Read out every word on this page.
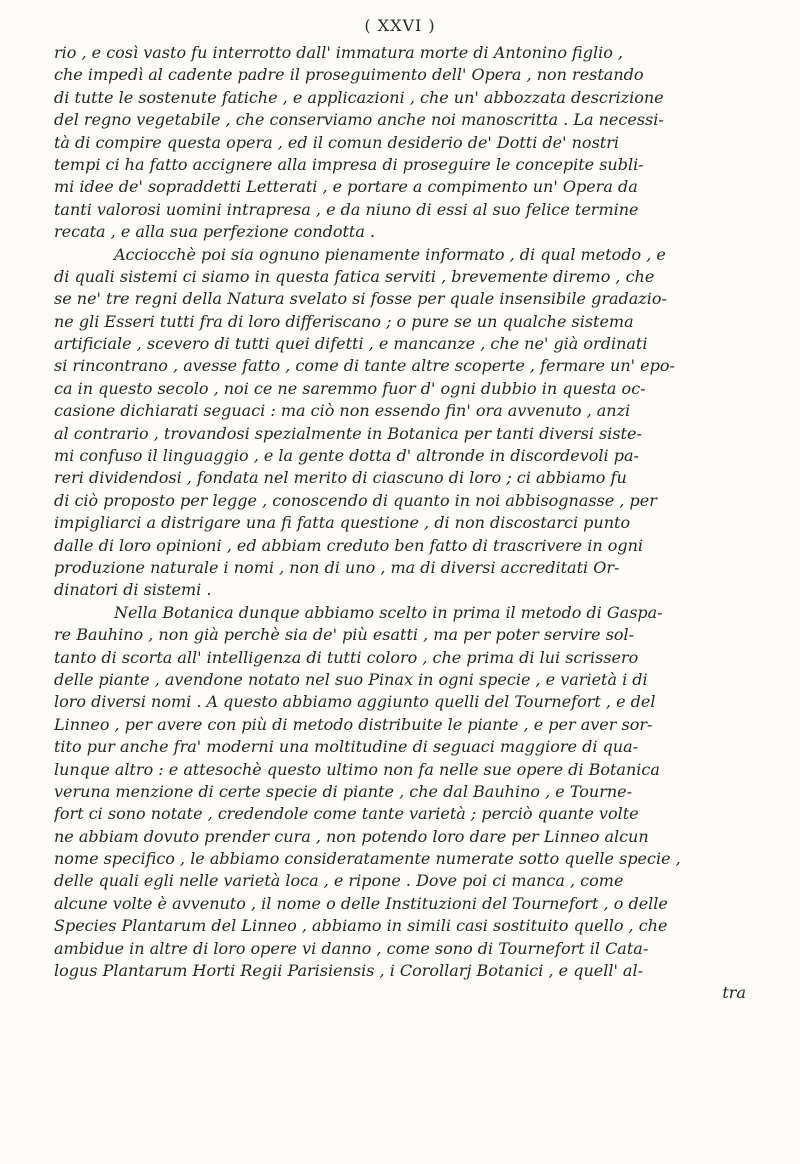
( XXVI )
rio , e così vasto fu interrotto dall' immatura morte di Antonino figlio ,
che impedì al cadente padre il proseguimento dell' Opera , non restando
di tutte le sostenute fatiche , e applicazioni , che un' abbozzata descrizione
del regno vegetabile , che conserviamo anche noi manoscritta . La necessi-
tà di compire questa opera , ed il comun desiderio de' Dotti de' nostri
tempi ci ha fatto accignere alla impresa di proseguire le concepite subli-
mi idee de' sopraddetti Letterati , e portare a compimento un' Opera da
tanti valorosi uomini intrapresa , e da niuno di essi al suo felice termine
recata , e alla sua perfezione condotta .
Acciocchè poi sia ognuno pienamente informato , di qual metodo , e
di quali sistemi ci siamo in questa fatica serviti , brevemente diremo , che
se ne' tre regni della Natura svelato si fosse per quale insensibile gradazio-
ne gli Esseri tutti fra di loro differiscano ; o pure se un qualche sistema
artificiale , scevero di tutti quei difetti , e mancanze , che ne' già ordinati
si rincontrano , avesse fatto , come di tante altre scoperte , fermare un' epo-
ca in questo secolo , noi ce ne saremmo fuor d' ogni dubbio in questa oc-
casione dichiarati seguaci : ma ciò non essendo fin' ora avvenuto , anzi
al contrario , trovandosi spezialmente in Botanica per tanti diversi siste-
mi confuso il linguaggio , e la gente dotta d' altronde in discordevoli pa-
reri dividendosi , fondata nel merito di ciascuno di loro ; ci abbiamo fu
di ciò proposto per legge , conoscendo di quanto in noi abbisognasse , per
impigliarci a distrigare una fi fatta questione , di non discostarci punto
dalle di loro opinioni , ed abbiam creduto ben fatto di trascrivere in ogni
produzione naturale i nomi , non di uno , ma di diversi accreditati Or-
dinatori di sistemi .
Nella Botanica dunque abbiamo scelto in prima il metodo di Gaspa-
re Bauhino , non già perchè sia de' più esatti , ma per poter servire sol-
tanto di scorta all' intelligenza di tutti coloro , che prima di lui scrissero
delle piante , avendone notato nel suo Pinax in ogni specie , e varietà i di
loro diversi nomi . A questo abbiamo aggiunto quelli del Tournefort , e del
Linneo , per avere con più di metodo distribuite le piante , e per aver sor-
tito pur anche fra' moderni una moltitudine di seguaci maggiore di qua-
lunque altro : e attesochè questo ultimo non fa nelle sue opere di Botanica
veruna menzione di certe specie di piante , che dal Bauhino , e Tourne-
fort ci sono notate , credendole come tante varietà ; perciò quante volte
ne abbiam dovuto prender cura , non potendo loro dare per Linneo alcun
nome specifico , le abbiamo consideratamente numerate sotto quelle specie ,
delle quali egli nelle varietà loca , e ripone . Dove poi ci manca , come
alcune volte è avvenuto , il nome o delle Instituzioni del Tournefort , o delle
Species Plantarum del Linneo , abbiamo in simili casi sostituito quello , che
ambidue in altre di loro opere vi danno , come sono di Tournefort il Cata-
logus Plantarum Horti Regii Parisiensis , i Corollarj Botanici , e quell' al-
tra
